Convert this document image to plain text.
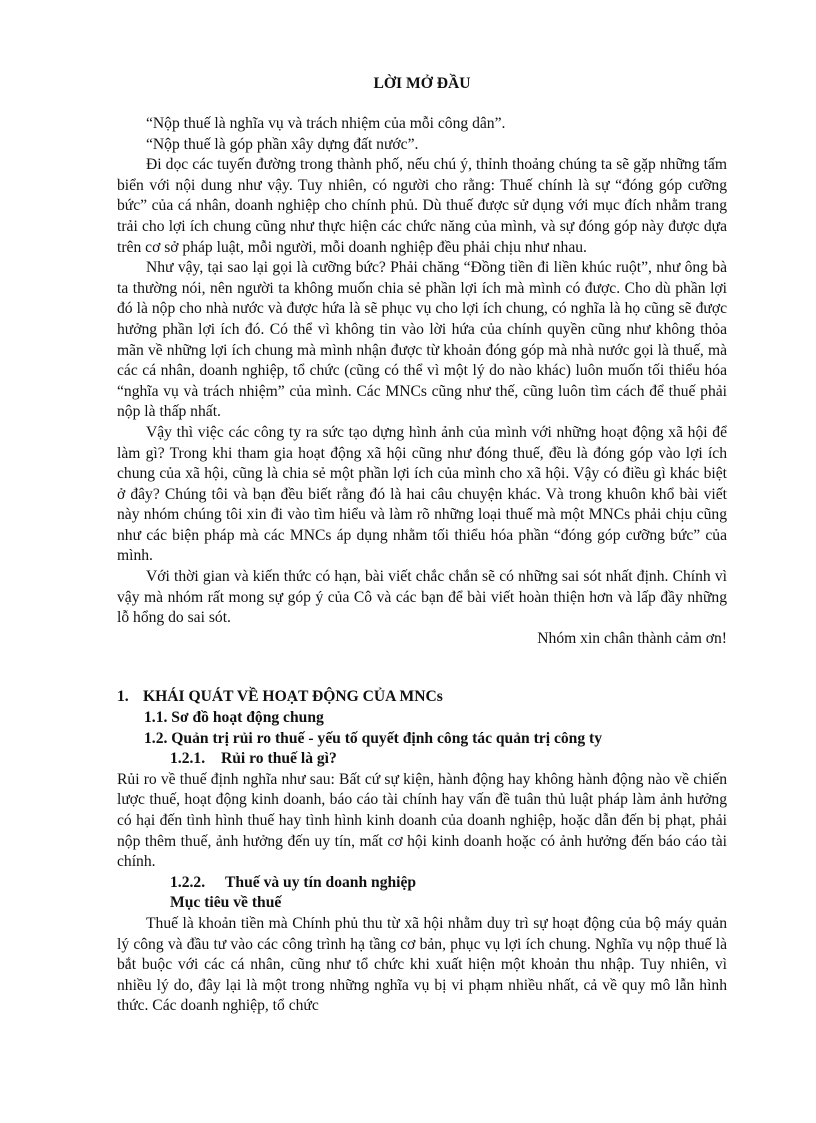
LỜI MỞ ĐẦU

“Nộp thuế là nghĩa vụ và trách nhiệm của mỗi công dân”.

“Nộp thuế là góp phần xây dựng đất nước”.

Đi dọc các tuyến đường trong thành phố, nếu chú ý, thỉnh thoảng chúng ta sẽ gặp những tấm biển với nội dung như vậy. Tuy nhiên, có người cho rằng: Thuế chính là sự “đóng góp cưỡng bức” của cá nhân, doanh nghiệp cho chính phủ. Dù thuế được sử dụng với mục đích nhằm trang trải cho lợi ích chung cũng như thực hiện các chức năng của mình, và sự đóng góp này được dựa trên cơ sở pháp luật, mỗi người, mỗi doanh nghiệp đều phải chịu như nhau.

Như vậy, tại sao lại gọi là cưỡng bức? Phải chăng “Đồng tiền đi liền khúc ruột”, như ông bà ta thường nói, nên người ta không muốn chia sẻ phần lợi ích mà mình có được. Cho dù phần lợi đó là nộp cho nhà nước và được hứa là sẽ phục vụ cho lợi ích chung, có nghĩa là họ cũng sẽ được hưởng phần lợi ích đó. Có thể vì không tin vào lời hứa của chính quyền cũng như không thỏa mãn về những lợi ích chung mà mình nhận được từ khoản đóng góp mà nhà nước gọi là thuế, mà các cá nhân, doanh nghiệp, tổ chức (cũng có thể vì một lý do nào khác) luôn muốn tối thiểu hóa “nghĩa vụ và trách nhiệm” của mình. Các MNCs cũng như thế, cũng luôn tìm cách để thuế phải nộp là thấp nhất.

Vậy thì việc các công ty ra sức tạo dựng hình ảnh của mình với những hoạt động xã hội để làm gì? Trong khi tham gia hoạt động xã hội cũng như đóng thuế, đều là đóng góp vào lợi ích chung của xã hội, cũng là chia sẻ một phần lợi ích của mình cho xã hội. Vậy có điều gì khác biệt ở đây? Chúng tôi và bạn đều biết rằng đó là hai câu chuyện khác. Và trong khuôn khổ bài viết này nhóm chúng tôi xin đi vào tìm hiểu và làm rõ những loại thuế mà một MNCs phải chịu cũng như các biện pháp mà các MNCs áp dụng nhằm tối thiểu hóa phần “đóng góp cưỡng bức” của mình.

Với thời gian và kiến thức có hạn, bài viết chắc chắn sẽ có những sai sót nhất định. Chính vì vậy mà nhóm rất mong sự góp ý của Cô và các bạn để bài viết hoàn thiện hơn và lấp đầy những lỗ hổng do sai sót.

Nhóm xin chân thành cảm ơn!

1. KHÁI QUÁT VỀ HOẠT ĐỘNG CỦA MNCs
1.1. Sơ đồ hoạt động chung
1.2. Quản trị rủi ro thuế - yếu tố quyết định công tác quản trị công ty
1.2.1. Rủi ro thuế là gì?

Rủi ro về thuế định nghĩa như sau: Bất cứ sự kiện, hành động hay không hành động nào về chiến lược thuế, hoạt động kinh doanh, báo cáo tài chính hay vấn đề tuân thủ luật pháp làm ảnh hưởng có hại đến tình hình thuế hay tình hình kinh doanh của doanh nghiệp, hoặc dẫn đến bị phạt, phải nộp thêm thuế, ảnh hưởng đến uy tín, mất cơ hội kinh doanh hoặc có ảnh hưởng đến báo cáo tài chính.

1.2.2. Thuế và uy tín doanh nghiệp
Mục tiêu về thuế

Thuế là khoản tiền mà Chính phủ thu từ xã hội nhằm duy trì sự hoạt động của bộ máy quản lý công và đầu tư vào các công trình hạ tầng cơ bản, phục vụ lợi ích chung. Nghĩa vụ nộp thuế là bắt buộc với các cá nhân, cũng như tổ chức khi xuất hiện một khoản thu nhập. Tuy nhiên, vì nhiều lý do, đây lại là một trong những nghĩa vụ bị vi phạm nhiều nhất, cả về quy mô lẫn hình thức. Các doanh nghiệp, tổ chức
